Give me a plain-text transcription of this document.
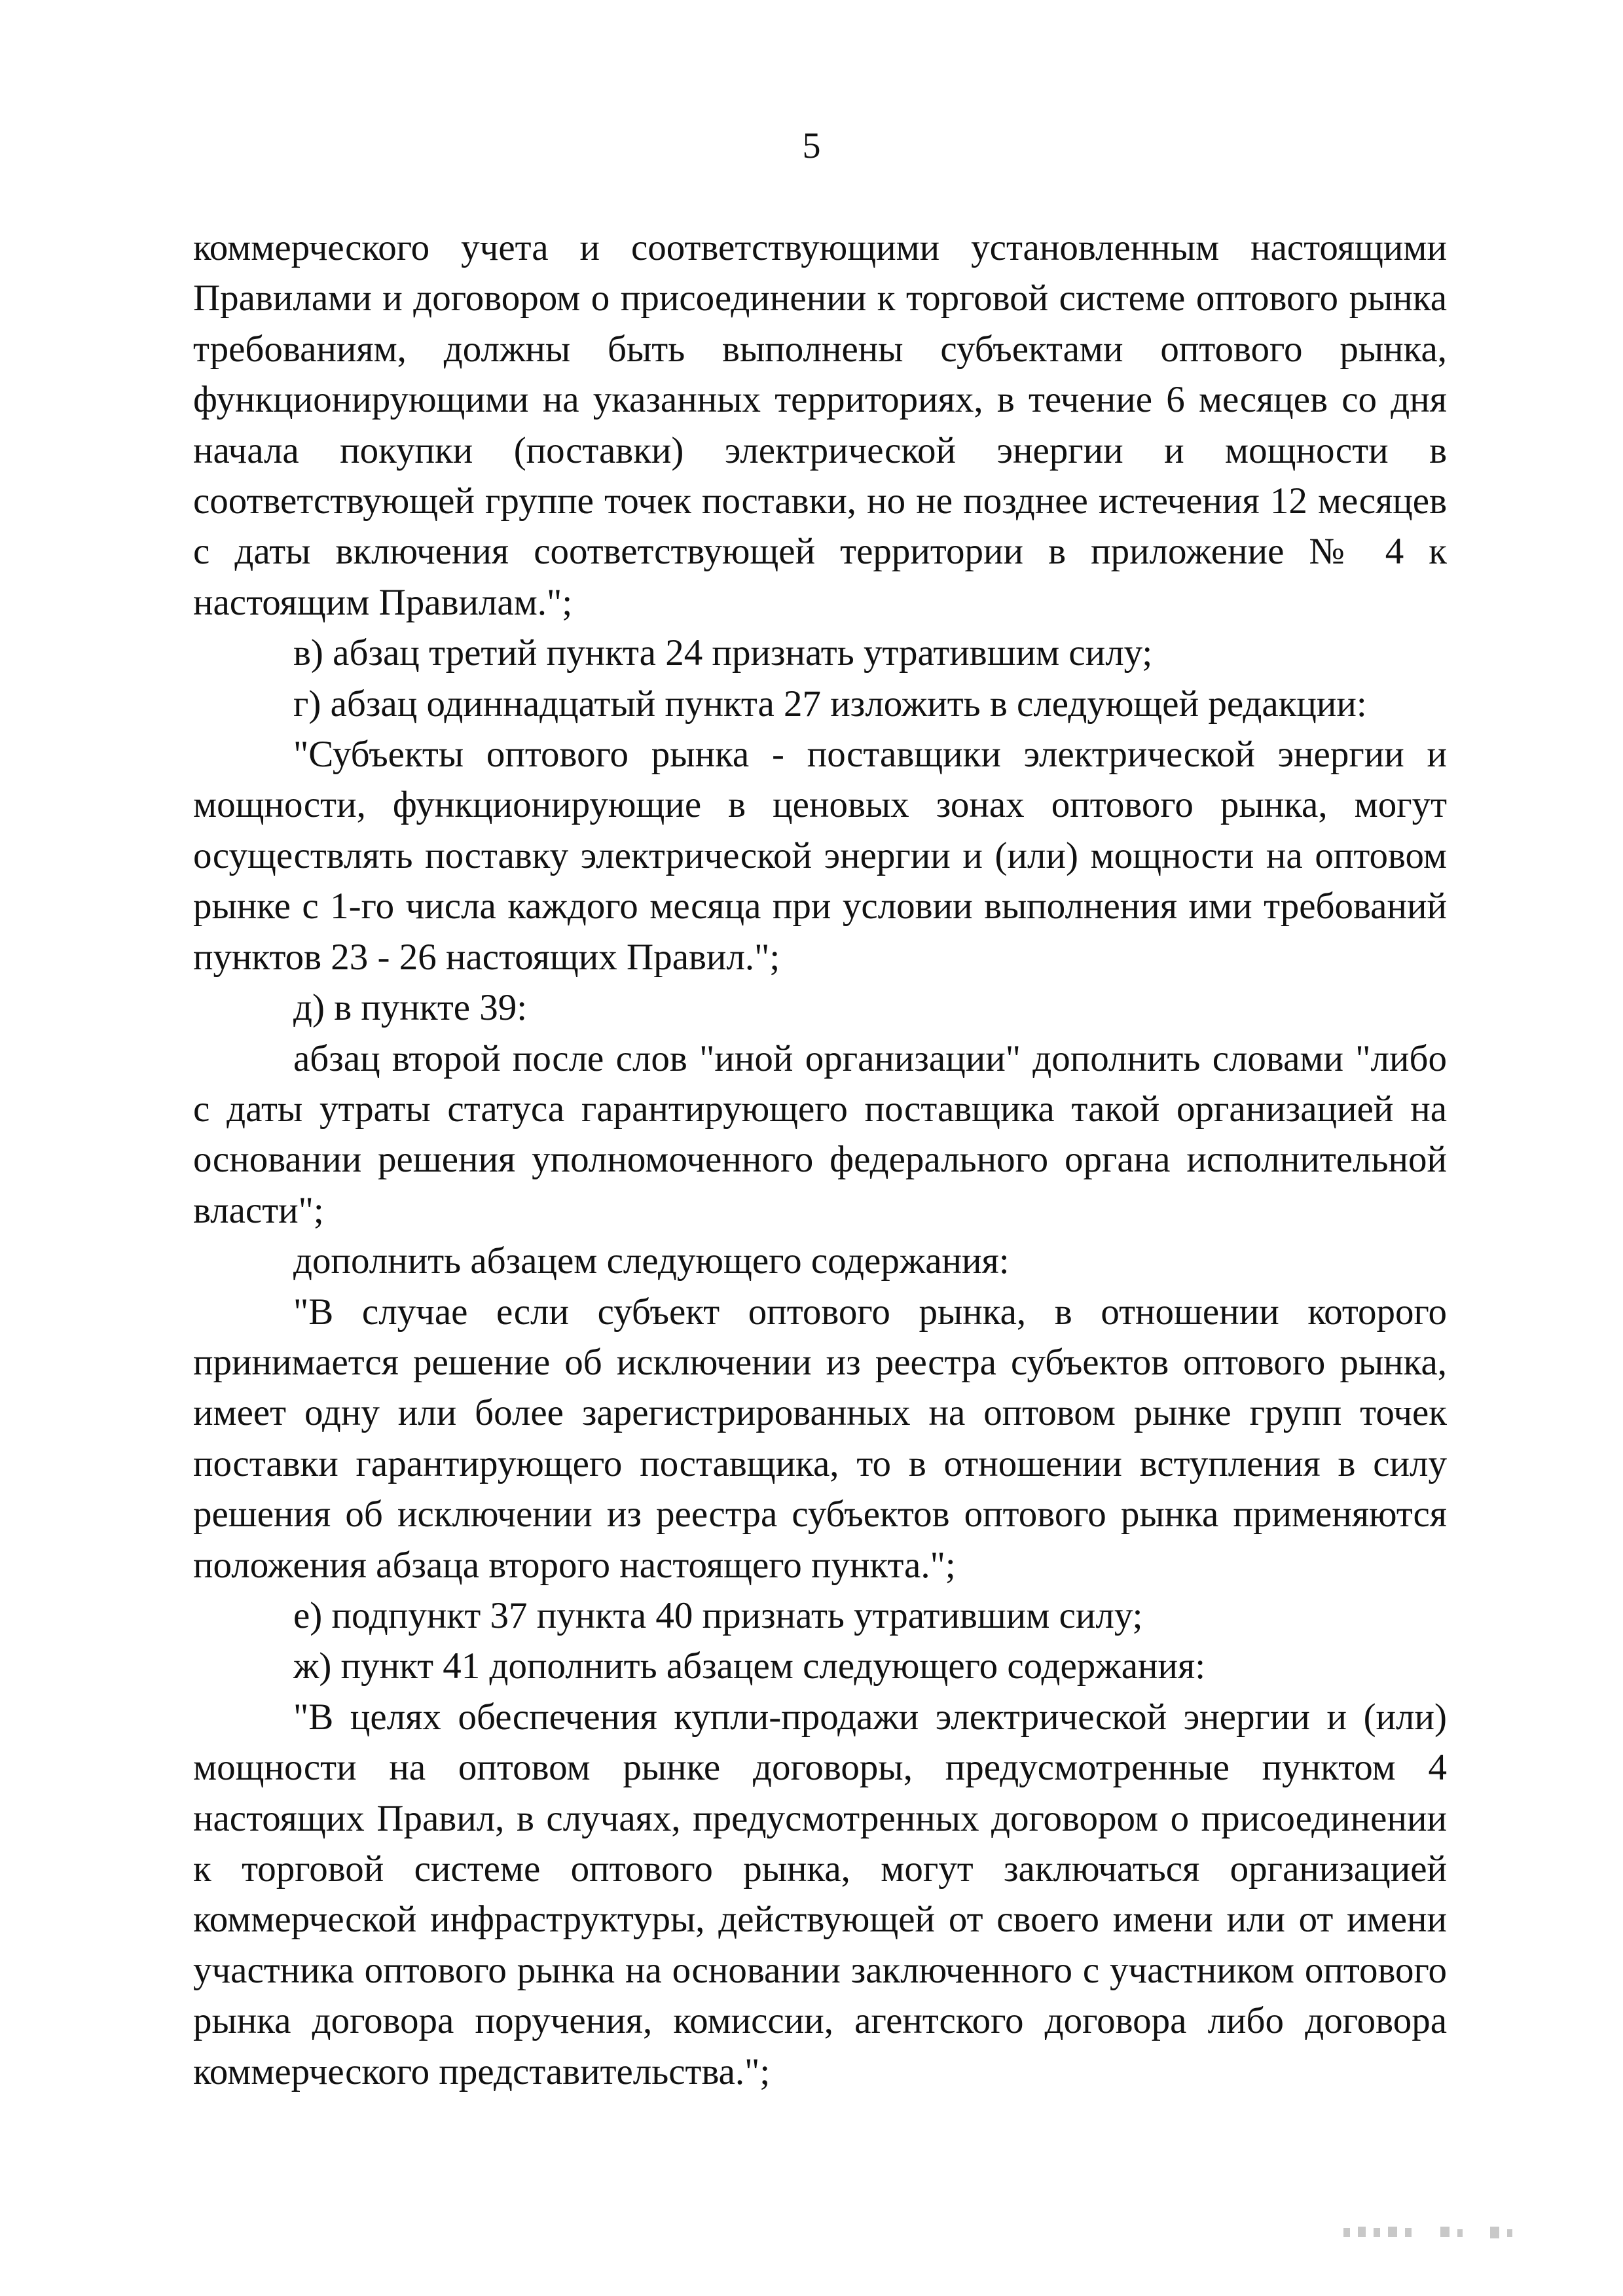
5

коммерческого учета и соответствующими установленным настоящими Правилами и договором о присоединении к торговой системе оптового рынка требованиям, должны быть выполнены субъектами оптового рынка, функционирующими на указанных территориях, в течение 6 месяцев со дня начала покупки (поставки) электрической энергии и мощности в соответствующей группе точек поставки, но не позднее истечения 12 месяцев с даты включения соответствующей территории в приложение № 4 к настоящим Правилам.";

в) абзац третий пункта 24 признать утратившим силу;

г) абзац одиннадцатый пункта 27 изложить в следующей редакции:

"Субъекты оптового рынка - поставщики электрической энергии и мощности, функционирующие в ценовых зонах оптового рынка, могут осуществлять поставку электрической энергии и (или) мощности на оптовом рынке с 1-го числа каждого месяца при условии выполнения ими требований пунктов 23 - 26 настоящих Правил.";

д) в пункте 39:

абзац второй после слов "иной организации" дополнить словами "либо с даты утраты статуса гарантирующего поставщика такой организацией на основании решения уполномоченного федерального органа исполнительной власти";

дополнить абзацем следующего содержания:

"В случае если субъект оптового рынка, в отношении которого принимается решение об исключении из реестра субъектов оптового рынка, имеет одну или более зарегистрированных на оптовом рынке групп точек поставки гарантирующего поставщика, то в отношении вступления в силу решения об исключении из реестра субъектов оптового рынка применяются положения абзаца второго настоящего пункта.";

е) подпункт 37 пункта 40 признать утратившим силу;

ж) пункт 41 дополнить абзацем следующего содержания:

"В целях обеспечения купли-продажи электрической энергии и (или) мощности на оптовом рынке договоры, предусмотренные пунктом 4 настоящих Правил, в случаях, предусмотренных договором о присоединении к торговой системе оптового рынка, могут заключаться организацией коммерческой инфраструктуры, действующей от своего имени или от имени участника оптового рынка на основании заключенного с участником оптового рынка договора поручения, комиссии, агентского договора либо договора коммерческого представительства.";
